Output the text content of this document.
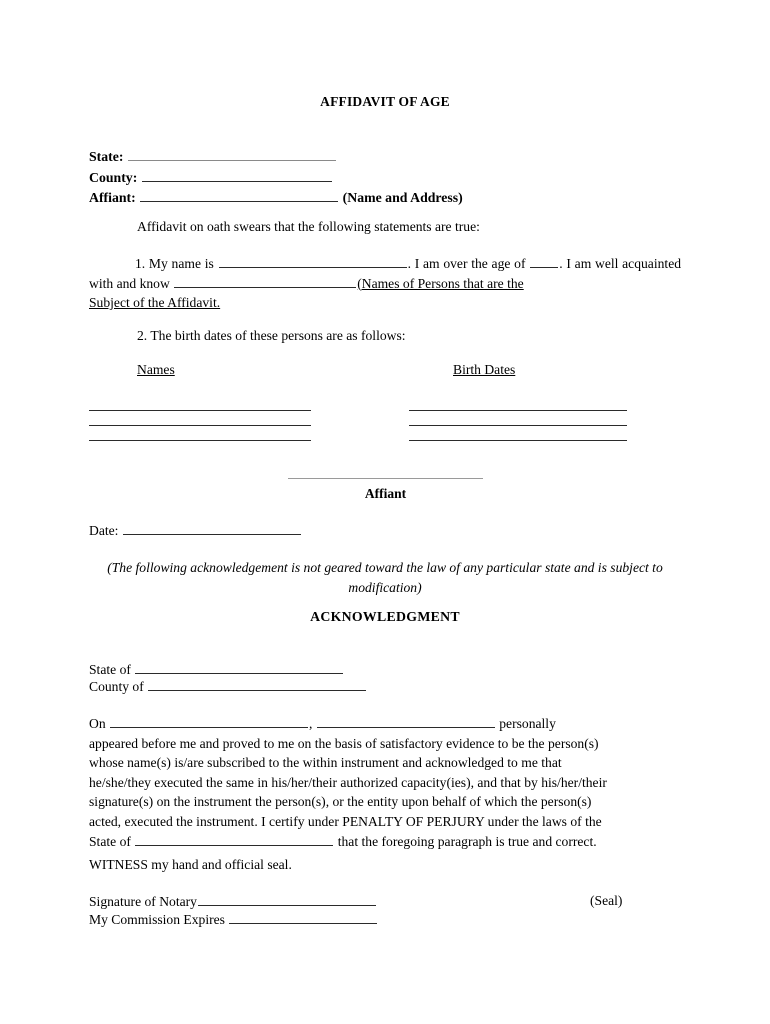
AFFIDAVIT OF AGE
State:
County:
Affiant:	(Name and Address)
Affidavit on oath swears that the following statements are true:
1. My name is	. I am over the age of . I am well acquainted with and know	(Names of Persons that are the
Subject of the Affidavit.
2. The birth dates of these persons are as follows:
Names	Birth Dates
Affiant
Date:
(The following acknowledgement is not geared toward the law of any particular state and is subject to modification)
ACKNOWLEDGMENT
State of
County of
On	,	personally
appeared before me and proved to me on the basis of satisfactory evidence to be the person(s)
whose name(s) is/are subscribed to the within instrument and acknowledged to me that
he/she/they executed the same in his/her/their authorized capacity(ies), and that by his/her/their
signature(s) on the instrument the person(s), or the entity upon behalf of which the person(s)
acted, executed the instrument. I certify under PENALTY OF PERJURY under the laws of the
State of	that the foregoing paragraph is true and correct.
WITNESS my hand and official seal.
Signature of Notary
My Commission Expires
(Seal)
